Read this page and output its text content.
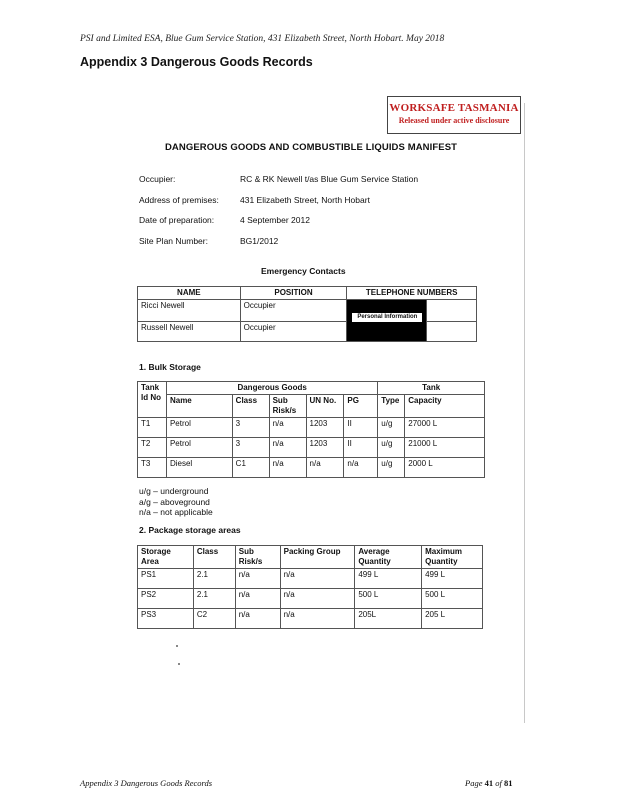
PSI and Limited ESA, Blue Gum Service Station, 431 Elizabeth Street, North Hobart. May 2018
Appendix 3 Dangerous Goods Records
WORKSAFE TASMANIA
Released under active disclosure
DANGEROUS GOODS AND COMBUSTIBLE LIQUIDS MANIFEST
Occupier:	RC & RK Newell t/as Blue Gum Service Station
Address of premises: 431 Elizabeth Street, North Hobart
Date of preparation:	4 September 2012
Site Plan Number:	BG1/2012
Emergency Contacts
NAME	POSITION	TELEPHONE NUMBERS	
Ricci Newell	Occupier	Personal Information	

Russell Newell	Occupier		
1. Bulk Storage
Tank Id No	Dangerous Goods					Tank	
	Name	Class	Sub Risk/s	UN No.	PG	Type	Capacity
T1	Petrol	3	n/a	1203	II	u/g	27000 L
T2	Petrol	3	n/a	1203	II	u/g	21000 L
T3	Diesel	C1	n/a	n/a	n/a	u/g	2000 L
u/g – underground
a/g – aboveground
n/a – not applicable
2. Package storage areas
Storage Area	Class	Sub Risk/s	Packing Group	Average Quantity	Maximum Quantity
PS1	2.1	n/a	n/a	499 L	499 L
PS2	2.1	n/a	n/a	500 L	500 L
PS3	C2	n/a	n/a	205L	205 L
Appendix 3 Dangerous Goods Records	Page 41 of 81
